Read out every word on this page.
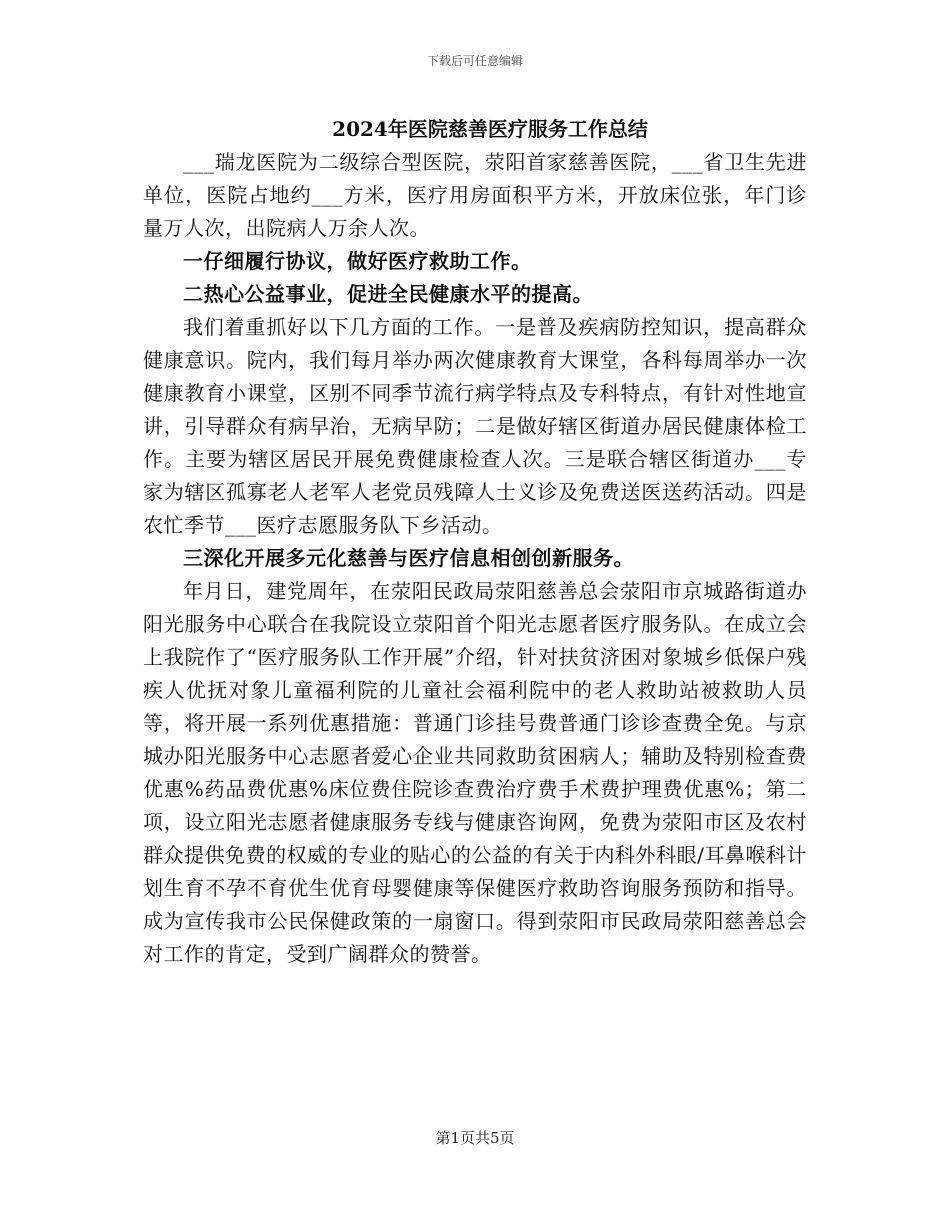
下载后可任意编辑

2024年医院慈善医疗服务工作总结

___瑞龙医院为二级综合型医院，荥阳首家慈善医院，___省卫生先进单位，医院占地约___方米，医疗用房面积平方米，开放床位张，年门诊量万人次，出院病人万余人次。

一仔细履行协议，做好医疗救助工作。

二热心公益事业，促进全民健康水平的提高。

我们着重抓好以下几方面的工作。一是普及疾病防控知识，提高群众健康意识。院内，我们每月举办两次健康教育大课堂，各科每周举办一次健康教育小课堂，区别不同季节流行病学特点及专科特点，有针对性地宣讲，引导群众有病早治，无病早防；二是做好辖区街道办居民健康体检工作。主要为辖区居民开展免费健康检查人次。三是联合辖区街道办___专家为辖区孤寡老人老军人老党员残障人士义诊及免费送医送药活动。四是农忙季节___医疗志愿服务队下乡活动。

三深化开展多元化慈善与医疗信息相创创新服务。

年月日，建党周年，在荥阳民政局荥阳慈善总会荥阳市京城路街道办阳光服务中心联合在我院设立荥阳首个阳光志愿者医疗服务队。在成立会上我院作了“医疗服务队工作开展”介绍，针对扶贫济困对象城乡低保户残疾人优抚对象儿童福利院的儿童社会福利院中的老人救助站被救助人员等，将开展一系列优惠措施：普通门诊挂号费普通门诊诊查费全免。与京城办阳光服务中心志愿者爱心企业共同救助贫困病人；辅助及特别检查费优惠%药品费优惠%床位费住院诊查费治疗费手术费护理费优惠%；第二项，设立阳光志愿者健康服务专线与健康咨询网，免费为荥阳市区及农村群众提供免费的权威的专业的贴心的公益的有关于内科外科眼/耳鼻喉科计划生育不孕不育优生优育母婴健康等保健医疗救助咨询服务预防和指导。成为宣传我市公民保健政策的一扇窗口。得到荥阳市民政局荥阳慈善总会对工作的肯定，受到广阔群众的赞誉。

第1页共5页
